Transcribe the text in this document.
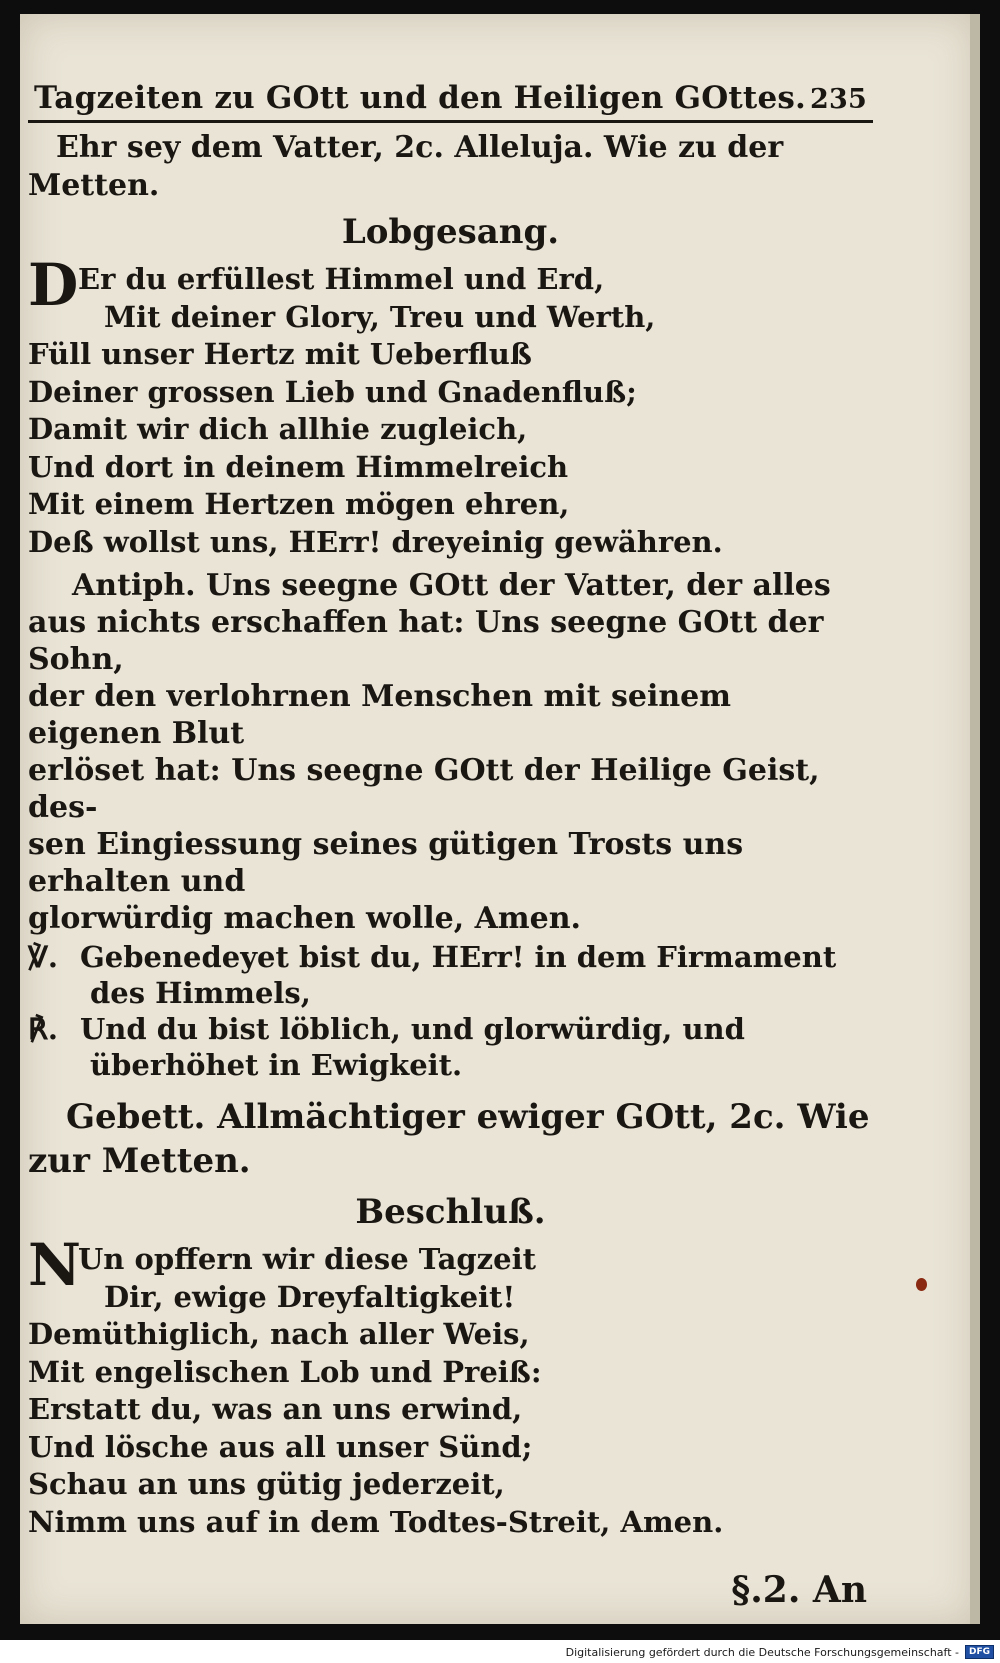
Tagzeiten zu GOtt und den Heiligen GOttes. 235

Ehr sey dem Vatter, 2c. Alleluja. Wie zu der

Metten.

Lobgesang.
D Er du erfüllest Himmel und Erd,
Mit deiner Glory, Treu und Werth,
Füll unser Hertz mit Ueberfluß
Deiner grossen Lieb und Gnadenfluß;
Damit wir dich allhie zugleich,
Und dort in deinem Himmelreich
Mit einem Hertzen mögen ehren,
Deß wollst uns, HErr! dreyeinig gewähren.
Antiph. Uns seegne GOtt der Vatter, der alles
aus nichts erschaffen hat: Uns seegne GOtt der Sohn,
der den verlohrnen Menschen mit seinem eigenen Blut
erlöset hat: Uns seegne GOtt der Heilige Geist, des-
sen Eingiessung seines gütigen Trosts uns erhalten und
glorwürdig machen wolle, Amen.

℣. Gebenedeyet bist du, HErr! in dem Firmament des Himmels,

℟. Und du bist löblich, und glorwürdig, und überhöhet in Ewigkeit.

Gebett. Allmächtiger ewiger GOtt, 2c. Wie zur Metten.

Beschluß.
N
Un opffern wir diese Tagzeit
Dir, ewige Dreyfaltigkeit!
Demüthiglich, nach aller Weis,
Mit engelischen Lob und Preiß:
Erstatt du, was an uns erwind,
Und lösche aus all unser Sünd;
Schau an uns gütig jederzeit,
Nimm uns auf in dem Todtes-Streit, Amen.
§.2. An
Digitalisierung gefördert durch die Deutsche Forschungsgemeinschaft -	DFG
